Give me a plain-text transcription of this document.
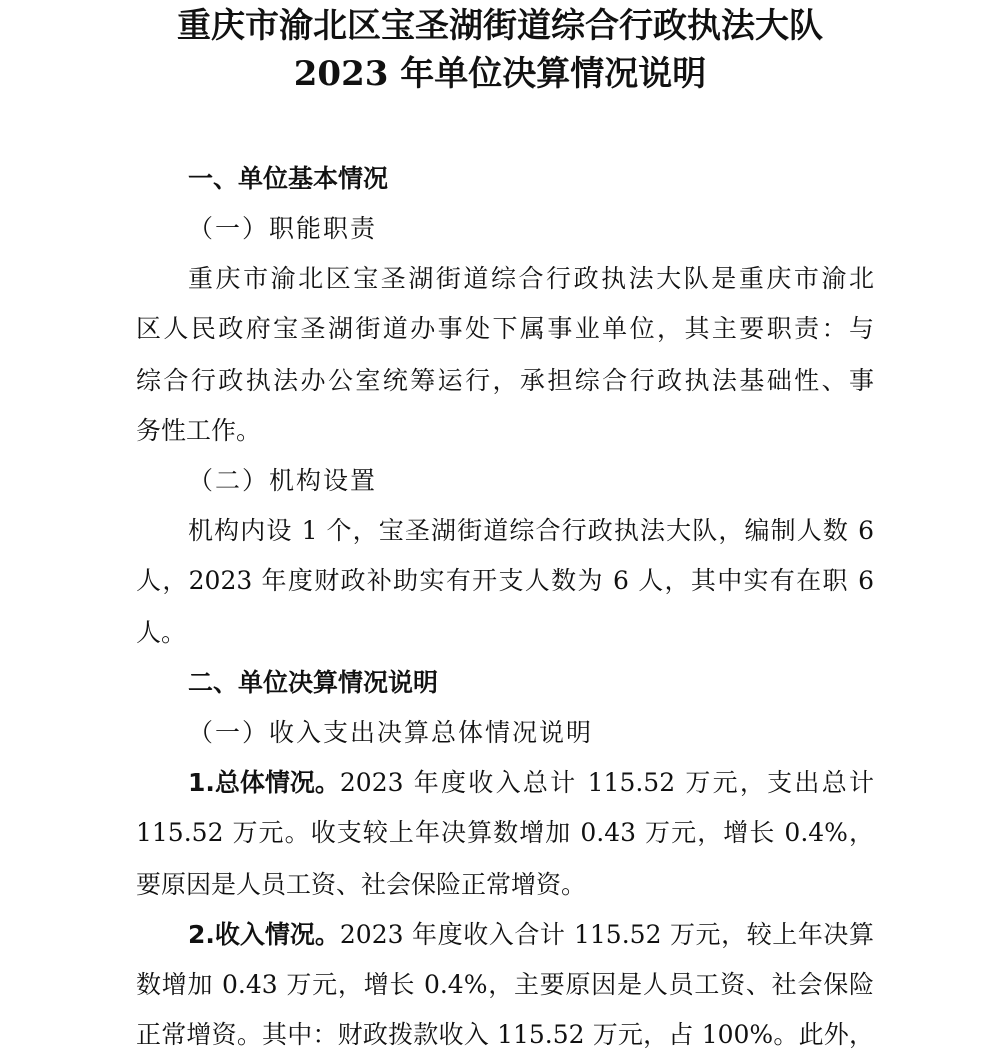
重庆市渝北区宝圣湖街道综合行政执法大队
2023 年单位决算情况说明
一、单位基本情况
（一）职能职责
重庆市渝北区宝圣湖街道综合行政执法大队是重庆市渝北
区人民政府宝圣湖街道办事处下属事业单位，其主要职责：与
综合行政执法办公室统筹运行，承担综合行政执法基础性、事
务性工作。
（二）机构设置
机构内设 1 个，宝圣湖街道综合行政执法大队，编制人数 6
人，2023 年度财政补助实有开支人数为 6 人，其中实有在职 6
人。
二、单位决算情况说明
（一）收入支出决算总体情况说明
1.总体情况。 2023 年度收入总计 115.52 万元，支出总计
115.52 万元。收支较上年决算数增加 0.43 万元，增长 0.4%，
要原因是人员工资、社会保险正常增资。
2.收入情况。 2023 年度收入合计 115.52 万元，较上年决算
数增加 0.43 万元，增长 0.4%，主要原因是人员工资、社会保险
正常增资。其中：财政拨款收入 115.52 万元，占 100%。此外，
